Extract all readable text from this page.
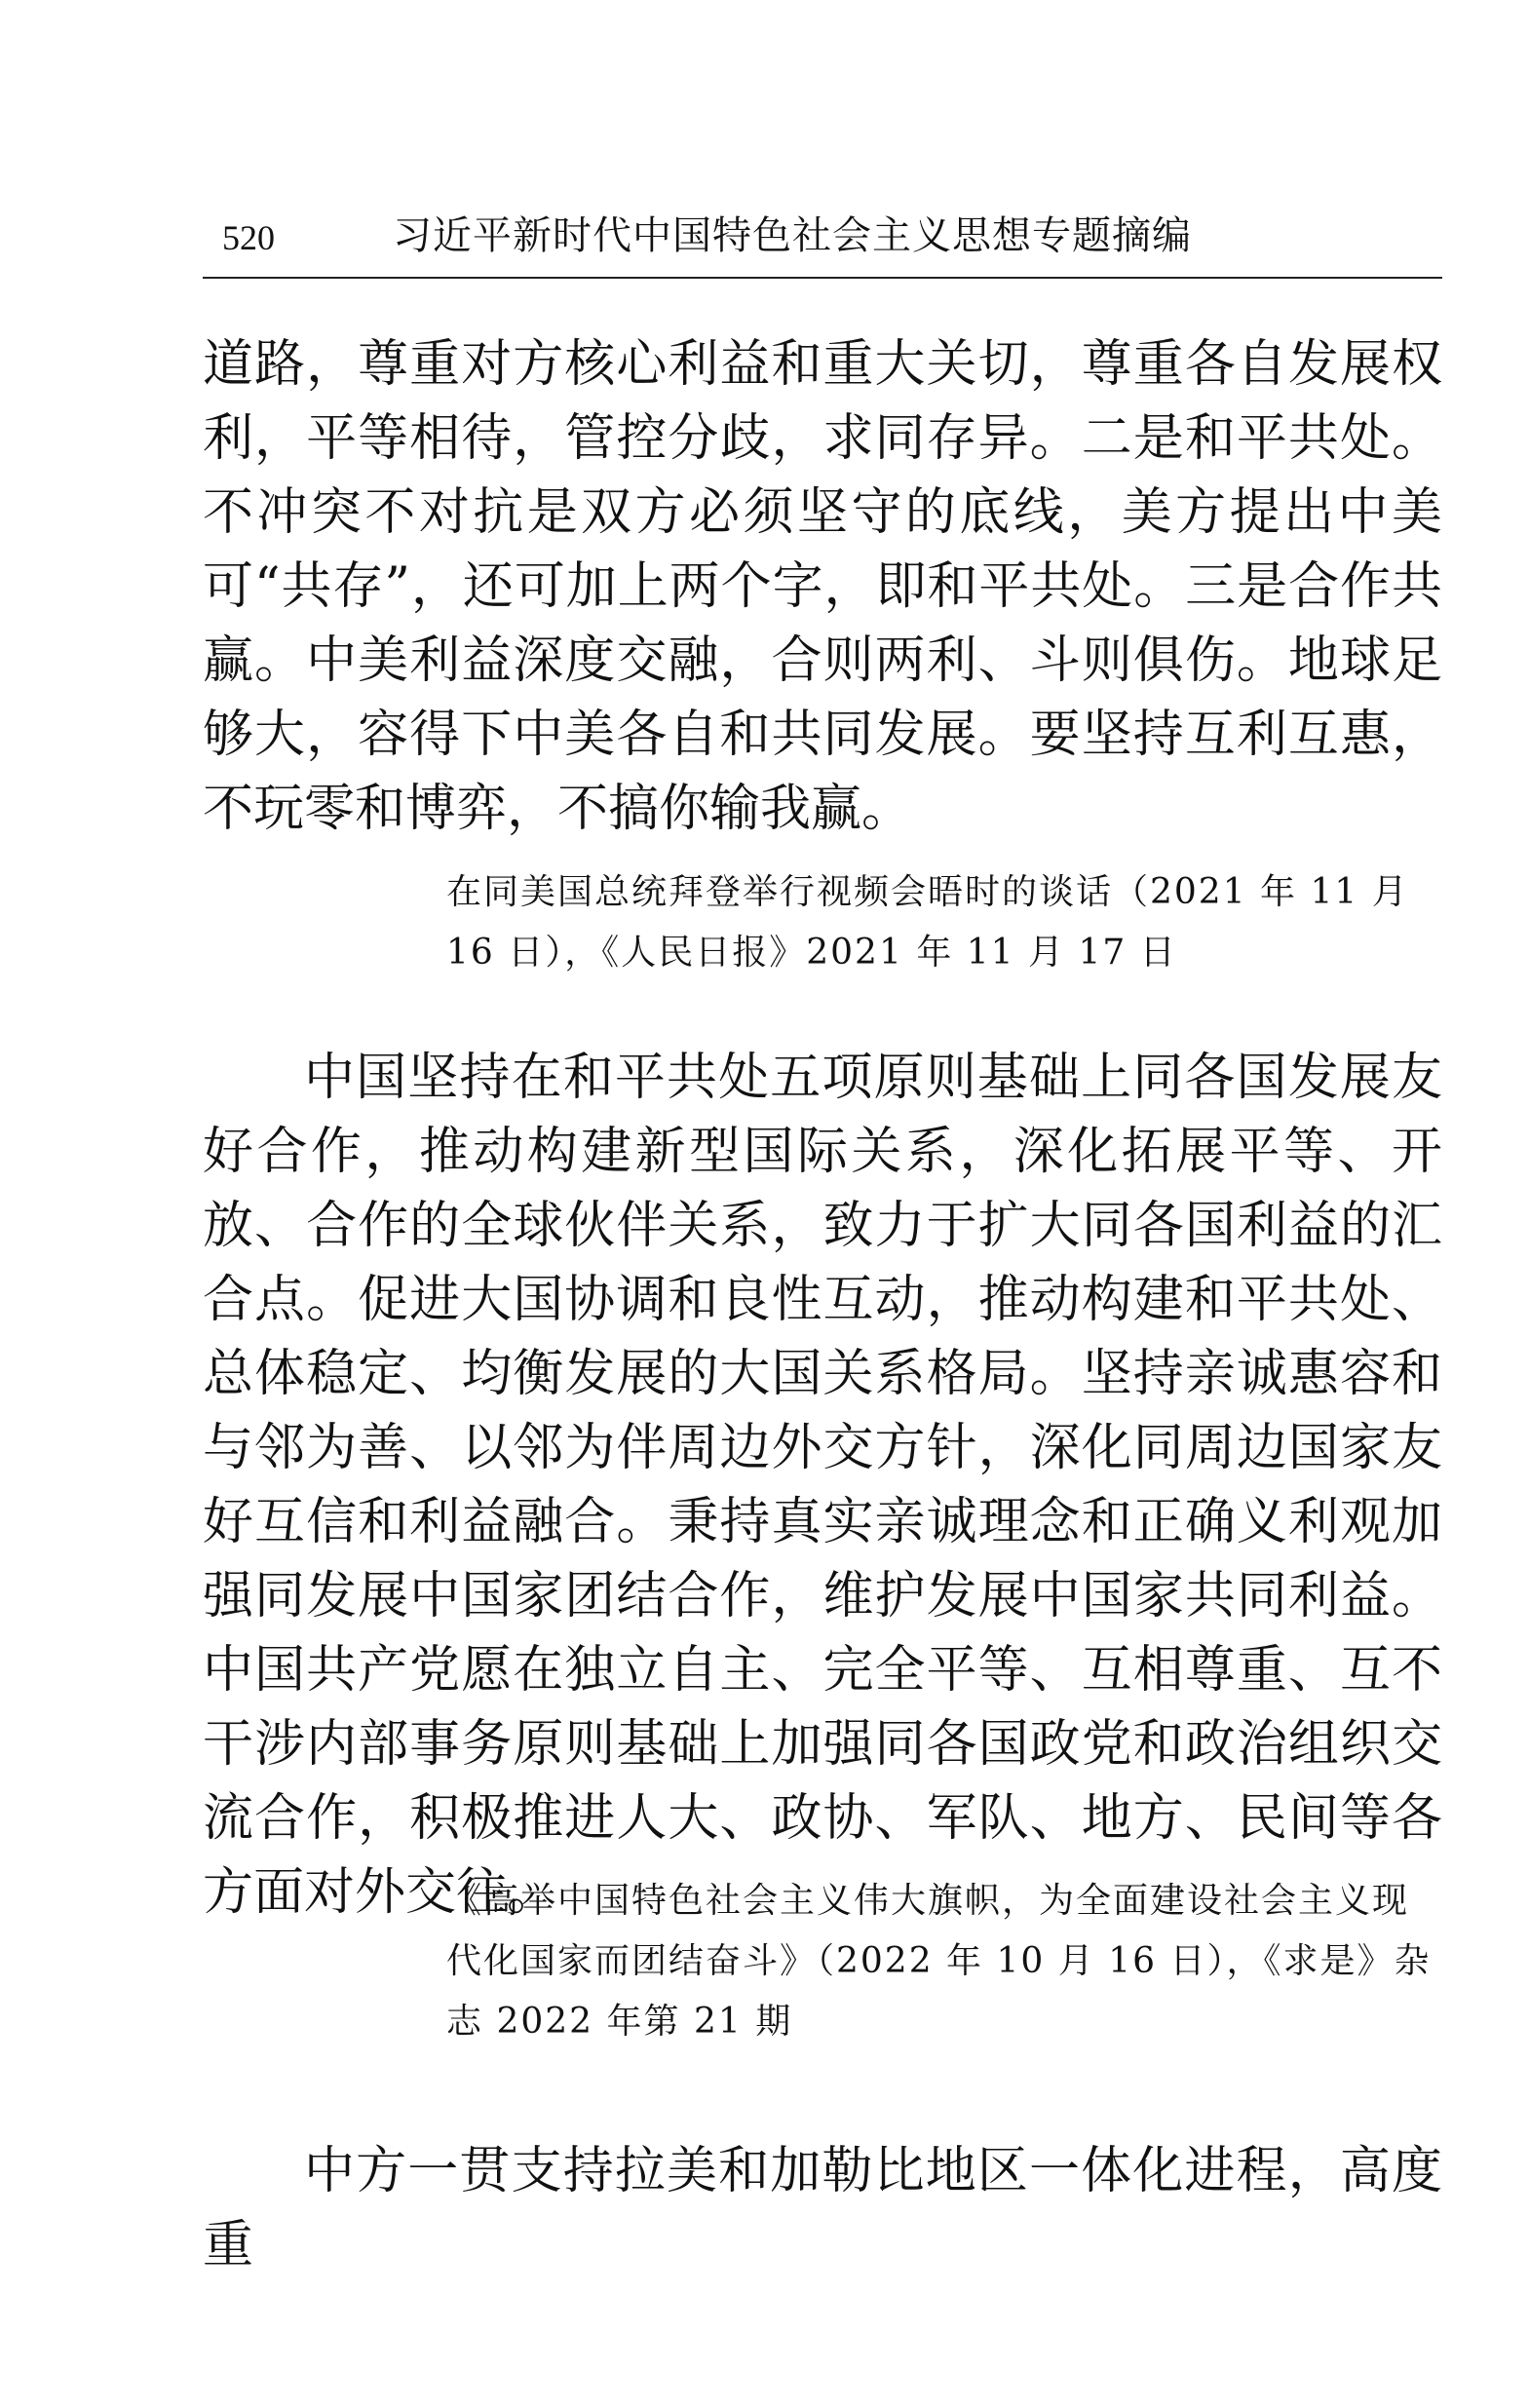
520	习近平新时代中国特色社会主义思想专题摘编

道路，尊重对方核心利益和重大关切，尊重各自发展权利，平等相待，管控分歧，求同存异。二是和平共处。不冲突不对抗是双方必须坚守的底线，美方提出中美可“共存”，还可加上两个字，即和平共处。三是合作共赢。中美利益深度交融，合则两利、斗则俱伤。地球足够大，容得下中美各自和共同发展。要坚持互利互惠，不玩零和博弈，不搞你输我赢。

在同美国总统拜登举行视频会晤时的谈话（2021 年 11 月 16 日），《人民日报》2021 年 11 月 17 日

中国坚持在和平共处五项原则基础上同各国发展友好合作，推动构建新型国际关系，深化拓展平等、开放、合作的全球伙伴关系，致力于扩大同各国利益的汇合点。促进大国协调和良性互动，推动构建和平共处、总体稳定、均衡发展的大国关系格局。坚持亲诚惠容和与邻为善、以邻为伴周边外交方针，深化同周边国家友好互信和利益融合。秉持真实亲诚理念和正确义利观加强同发展中国家团结合作，维护发展中国家共同利益。中国共产党愿在独立自主、完全平等、互相尊重、互不干涉内部事务原则基础上加强同各国政党和政治组织交流合作，积极推进人大、政协、军队、地方、民间等各方面对外交往。

《高举中国特色社会主义伟大旗帜，为全面建设社会主义现代化国家而团结奋斗》（2022 年 10 月 16 日），《求是》杂志 2022 年第 21 期

中方一贯支持拉美和加勒比地区一体化进程，高度重
